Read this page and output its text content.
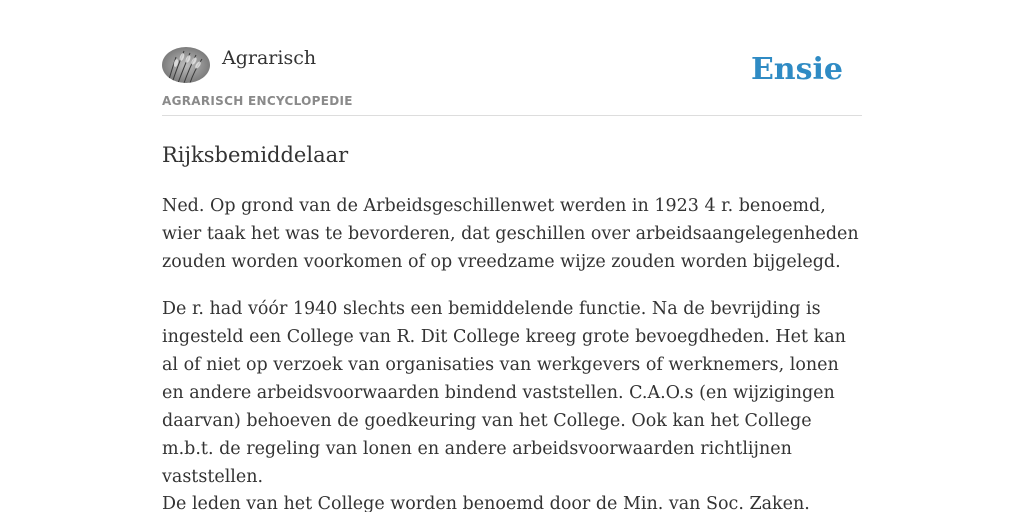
Agrarisch
AGRARISCH ENCYCLOPEDIE
Ensie
Rijksbemiddelaar

Ned. Op grond van de Arbeidsgeschillenwet werden in 1923 4 r. benoemd, wier taak het was te bevorderen, dat geschillen over arbeidsaangelegenheden zouden worden voorkomen of op vreedzame wijze zouden worden bijgelegd.

De r. had vóór 1940 slechts een bemiddelende functie. Na de bevrijding is ingesteld een College van R. Dit College kreeg grote bevoegdheden. Het kan al of niet op verzoek van organisaties van werkgevers of werknemers, lonen en andere arbeidsvoorwaarden bindend vaststellen. C.A.O.s (en wijzigingen daarvan) behoeven de goedkeuring van het College. Ook kan het College m.b.t. de regeling van lonen en andere arbeidsvoorwaarden richtlijnen vaststellen.

De leden van het College worden benoemd door de Min. van Soc. Zaken.
